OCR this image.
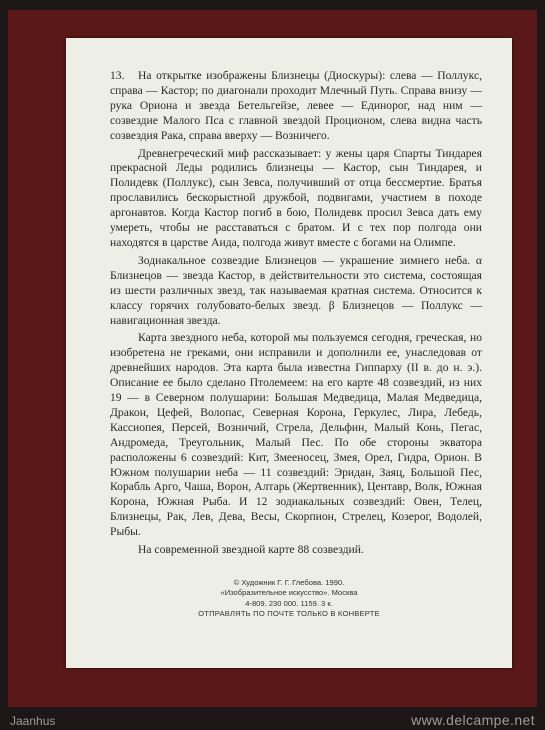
13. На открытке изображены Близнецы (Диоскуры): слева — Поллукс, справа — Кастор; по диагонали проходит Млечный Путь. Справа внизу — рука Ориона и звезда Бетельгейзе, левее — Единорог, над ним — созвездие Малого Пса с главной звездой Проционом, слева видна часть созвездия Рака, справа вверху — Возничего.

Древнегреческий миф рассказывает: у жены царя Спарты Тиндарея прекрасной Леды родились близнецы — Кастор, сын Тиндарея, и Полидевк (Поллукс), сын Зевса, получивший от отца бессмертие. Братья прославились бескорыстной дружбой, подвигами, участием в походе аргонавтов. Когда Кастор погиб в бою, Полидевк просил Зевса дать ему умереть, чтобы не расставаться с братом. И с тех пор полгода они находятся в царстве Аида, полгода живут вместе с богами на Олимпе.

Зодиакальное созвездие Близнецов — украшение зимнего неба. α Близнецов — звезда Кастор, в действительности это система, состоящая из шести различных звезд, так называемая кратная система. Относится к классу горячих голубовато-белых звезд. β Близнецов — Поллукс — навигационная звезда.

Карта звездного неба, которой мы пользуемся сегодня, греческая, но изобретена не греками, они исправили и дополнили ее, унаследовав от древнейших народов. Эта карта была известна Гиппарху (II в. до н. э.). Описание ее было сделано Птолемеем: на его карте 48 созвездий, из них 19 — в Северном полушарии: Большая Медведица, Малая Медведица, Дракон, Цефей, Волопас, Северная Корона, Геркулес, Лира, Лебедь, Кассиопея, Персей, Возничий, Стрела, Дельфин, Малый Конь, Пегас, Андромеда, Треугольник, Малый Пес. По обе стороны экватора расположены 6 созвездий: Кит, Змееносец, Змея, Орел, Гидра, Орион. В Южном полушарии неба — 11 созвездий: Эридан, Заяц, Большой Пес, Корабль Арго, Чаша, Ворон, Алтарь (Жертвенник), Центавр, Волк, Южная Корона, Южная Рыба. И 12 зодиакальных созвездий: Овен, Телец, Близнецы, Рак, Лев, Дева, Весы, Скорпион, Стрелец, Козерог, Водолей, Рыбы.

На современной звездной карте 88 созвездий.

© Художник Г. Г. Глебова. 1990.
«Изобразительное искусство». Москва
4-809. 230 000. 1159. 3 к.
ОТПРАВЛЯТЬ ПО ПОЧТЕ ТОЛЬКО В КОНВЕРТЕ
Jaanhus	www.delcampe.net
